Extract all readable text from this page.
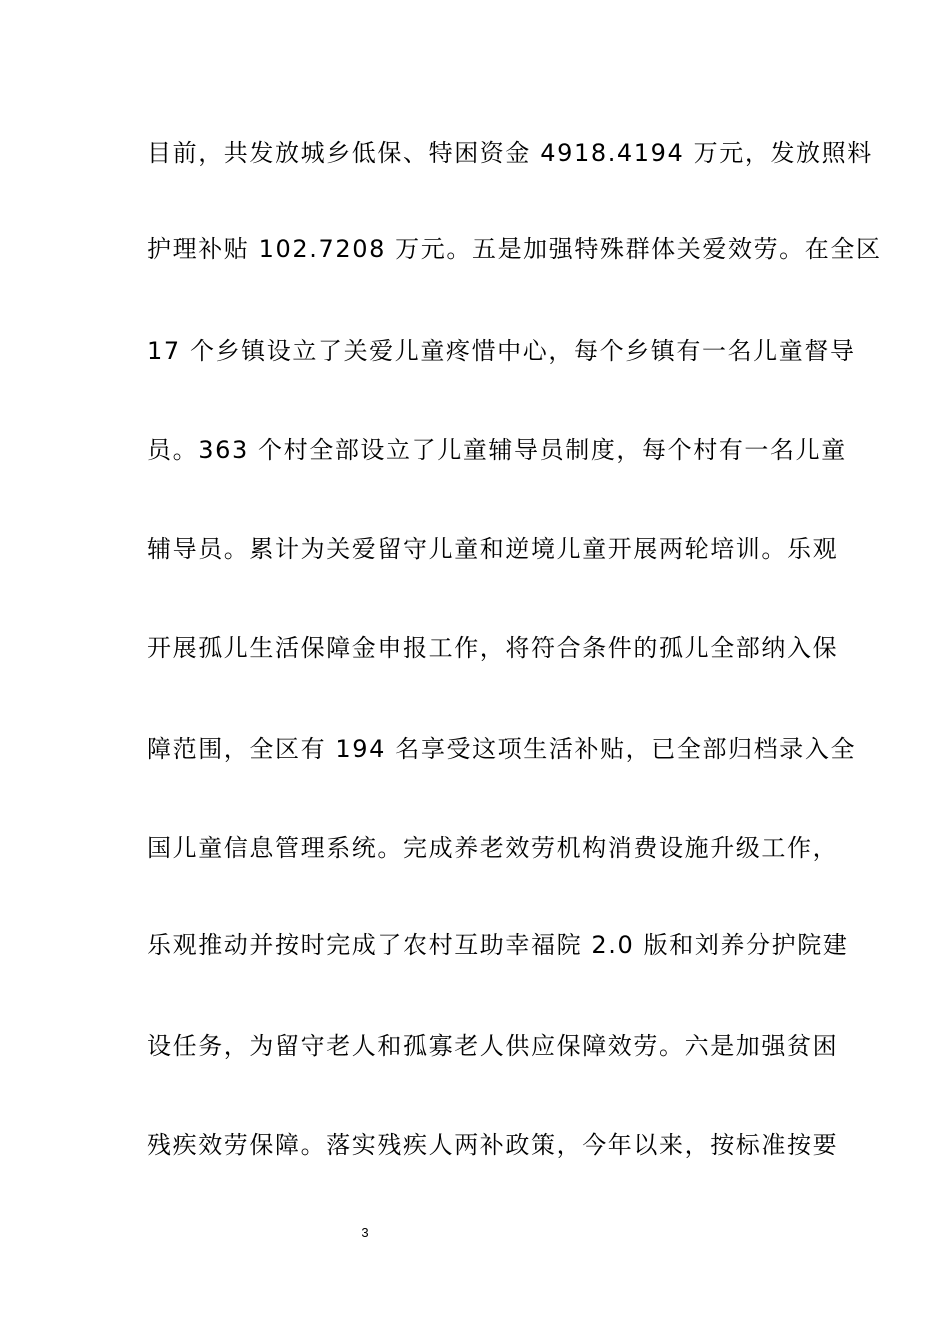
目前，共发放城乡低保、特困资金 4918.4194 万元，发放照料
护理补贴 102.7208 万元。五是加强特殊群体关爱效劳。在全区
17 个乡镇设立了关爱儿童疼惜中心，每个乡镇有一名儿童督导
员。363 个村全部设立了儿童辅导员制度，每个村有一名儿童
辅导员。累计为关爱留守儿童和逆境儿童开展两轮培训。乐观
开展孤儿生活保障金申报工作，将符合条件的孤儿全部纳入保
障范围，全区有 194 名享受这项生活补贴，已全部归档录入全
国儿童信息管理系统。完成养老效劳机构消费设施升级工作，
乐观推动并按时完成了农村互助幸福院 2.0 版和刘养分护院建
设任务，为留守老人和孤寡老人供应保障效劳。六是加强贫困
残疾效劳保障。落实残疾人两补政策，今年以来，按标准按要
3
